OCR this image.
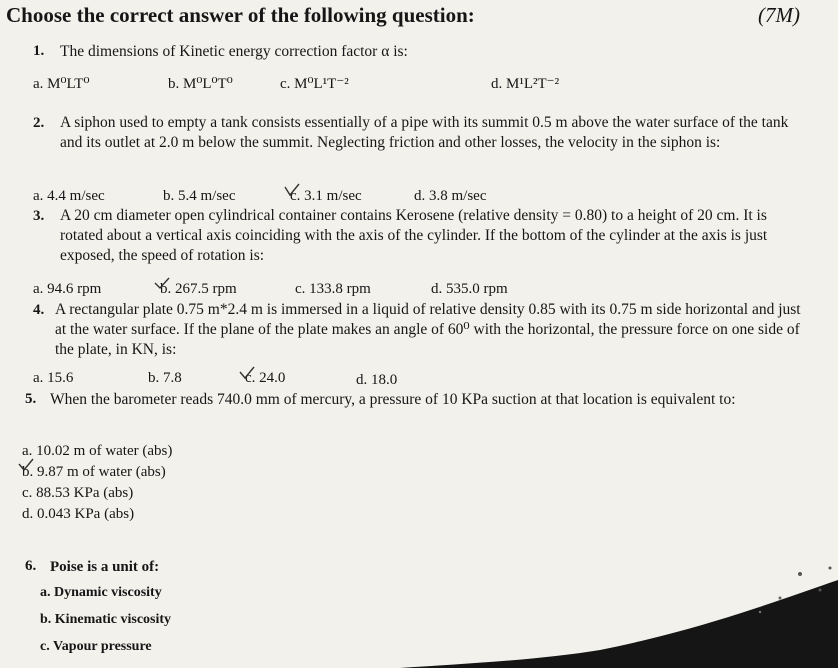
Choose the correct answer of the following question:	(7M)
1. The dimensions of Kinetic energy correction factor α is:
a. M⁰LT⁰	b. M⁰L⁰T⁰	c. M⁰L¹T⁻²	d. M¹L²T⁻²
2. A siphon used to empty a tank consists essentially of a pipe with its summit 0.5 m above the water surface of the tank and its outlet at 2.0 m below the summit. Neglecting friction and other losses, the velocity in the siphon is:
a. 4.4 m/sec	b. 5.4 m/sec	c. 3.1 m/sec	d. 3.8 m/sec
3. A 20 cm diameter open cylindrical container contains Kerosene (relative density = 0.80) to a height of 20 cm. It is rotated about a vertical axis coinciding with the axis of the cylinder. If the bottom of the cylinder at the axis is just exposed, the speed of rotation is:
a. 94.6 rpm	b. 267.5 rpm	c. 133.8 rpm	d. 535.0 rpm
4. A rectangular plate 0.75 m*2.4 m is immersed in a liquid of relative density 0.85 with its 0.75 m side horizontal and just at the water surface. If the plane of the plate makes an angle of 60⁰ with the horizontal, the pressure force on one side of the plate, in KN, is:
a. 15.6	b. 7.8	c. 24.0	d. 18.0
5. When the barometer reads 740.0 mm of mercury, a pressure of 10 KPa suction at that location is equivalent to:
a. 10.02 m of water (abs)
b. 9.87 m of water (abs)
c. 88.53 KPa (abs)
d. 0.043 KPa (abs)
6. Poise is a unit of:
a. Dynamic viscosity
b. Kinematic viscosity
c. Vapour pressure
